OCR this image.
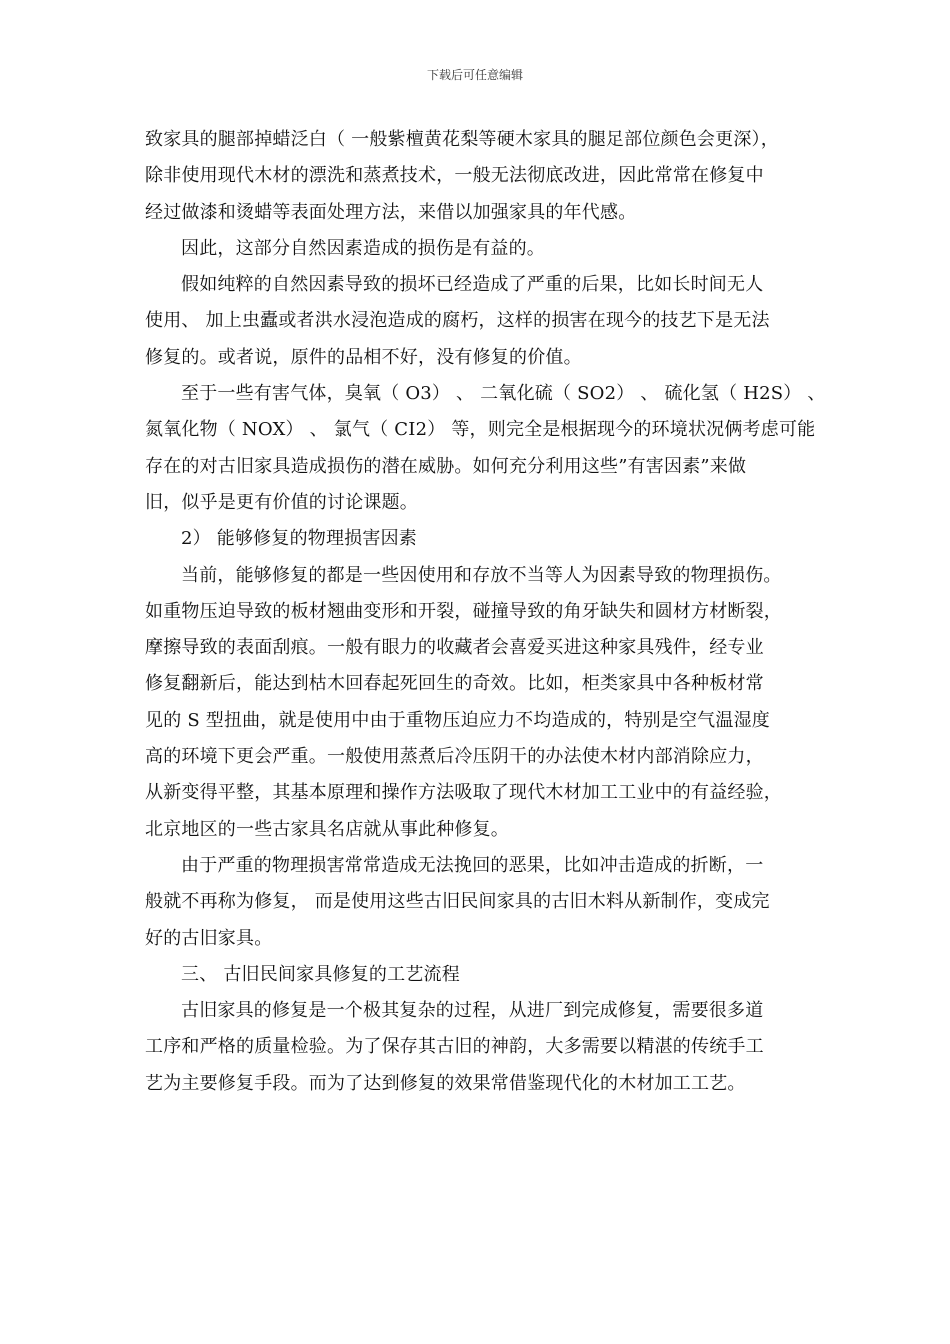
下载后可任意编辑
致家具的腿部掉蜡泛白（ 一般紫檀黄花梨等硬木家具的腿足部位颜色会更深），
除非使用现代木材的漂洗和蒸煮技术，一般无法彻底改进，因此常常在修复中
经过做漆和烫蜡等表面处理方法，来借以加强家具的年代感。
因此，这部分自然因素造成的损伤是有益的。
假如纯粹的自然因素导致的损坏已经造成了严重的后果，比如长时间无人
使用、 加上虫蠹或者洪水浸泡造成的腐朽，这样的损害在现今的技艺下是无法
修复的。或者说，原件的品相不好，没有修复的价值。
至于一些有害气体，臭氧（ O3） 、 二氧化硫（ SO2） 、 硫化氢（ H2S） 、
氮氧化物（ NOX） 、 氯气（ CI2） 等，则完全是根据现今的环境状况俩考虑可能
存在的对古旧家具造成损伤的潜在威胁。如何充分利用这些”有害因素”来做
旧，似乎是更有价值的讨论课题。
2） 能够修复的物理损害因素
当前，能够修复的都是一些因使用和存放不当等人为因素导致的物理损伤。
如重物压迫导致的板材翘曲变形和开裂，碰撞导致的角牙缺失和圆材方材断裂，
摩擦导致的表面刮痕。一般有眼力的收藏者会喜爱买进这种家具残件，经专业
修复翻新后，能达到枯木回春起死回生的奇效。比如，柜类家具中各种板材常
见的 S 型扭曲，就是使用中由于重物压迫应力不均造成的，特别是空气温湿度
高的环境下更会严重。一般使用蒸煮后冷压阴干的办法使木材内部消除应力，
从新变得平整，其基本原理和操作方法吸取了现代木材加工工业中的有益经验，
北京地区的一些古家具名店就从事此种修复。
由于严重的物理损害常常造成无法挽回的恶果，比如冲击造成的折断，一
般就不再称为修复， 而是使用这些古旧民间家具的古旧木料从新制作，变成完
好的古旧家具。
三、 古旧民间家具修复的工艺流程
古旧家具的修复是一个极其复杂的过程，从进厂到完成修复，需要很多道
工序和严格的质量检验。为了保存其古旧的神韵，大多需要以精湛的传统手工
艺为主要修复手段。而为了达到修复的效果常借鉴现代化的木材加工工艺。
